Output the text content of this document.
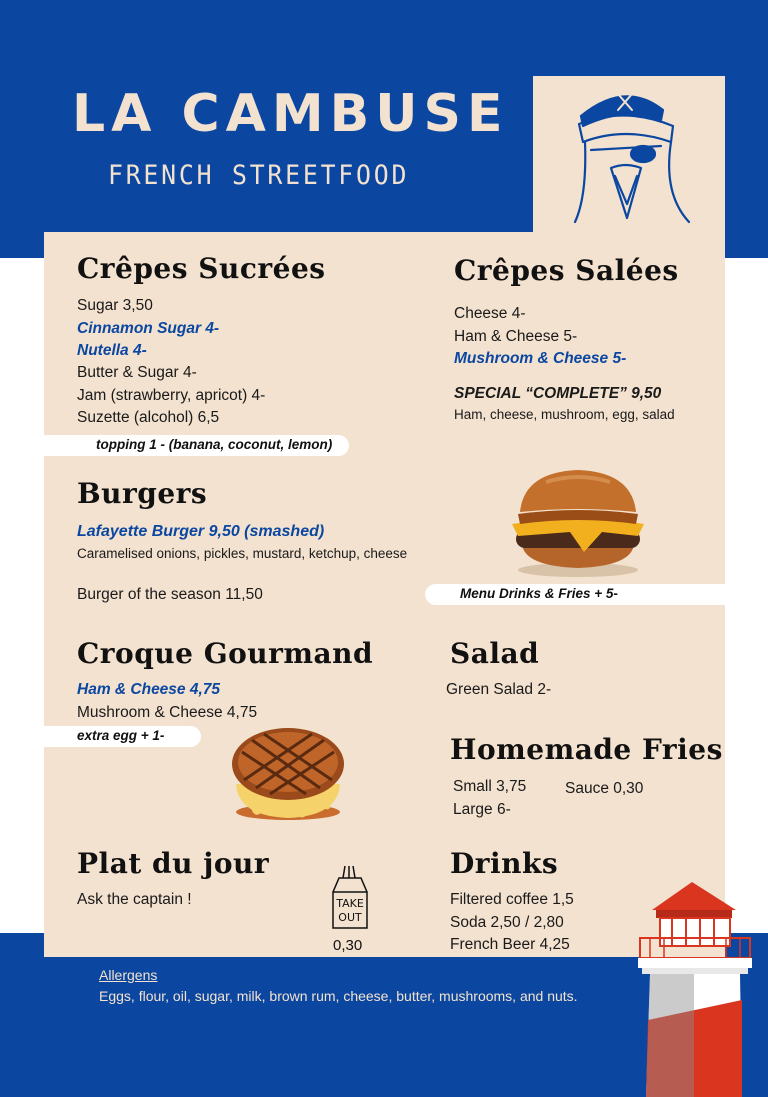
LA CAMBUSE
FRENCH STREETFOOD
Crêpes Sucrées
Sugar 3,50
Cinnamon Sugar 4-
Nutella 4-
Butter & Sugar 4-
Jam (strawberry, apricot) 4-
Suzette (alcohol) 6,5
topping 1 - (banana, coconut, lemon)
Crêpes Salées
Cheese 4-
Ham & Cheese 5-
Mushroom & Cheese 5-
SPECIAL “COMPLETE” 9,50
Ham, cheese, mushroom, egg, salad
Burgers
Lafayette Burger 9,50 (smashed)
Caramelised onions, pickles, mustard, ketchup, cheese
Burger of the season 11,50	Menu Drinks & Fries + 5-
Croque Gourmand
Ham & Cheese 4,75
Mushroom & Cheese 4,75
extra egg + 1-
Salad
Green Salad 2-
Homemade Fries
Small 3,75
Large 6-
Sauce 0,30
Plat du jour
Ask the captain !	TAKE
OUT
0,30
Drinks
Filtered coffee 1,5
Soda 2,50 / 2,80
French Beer 4,25
Allergens
Eggs, flour, oil, sugar, milk, brown rum, cheese, butter, mushrooms, and nuts.
